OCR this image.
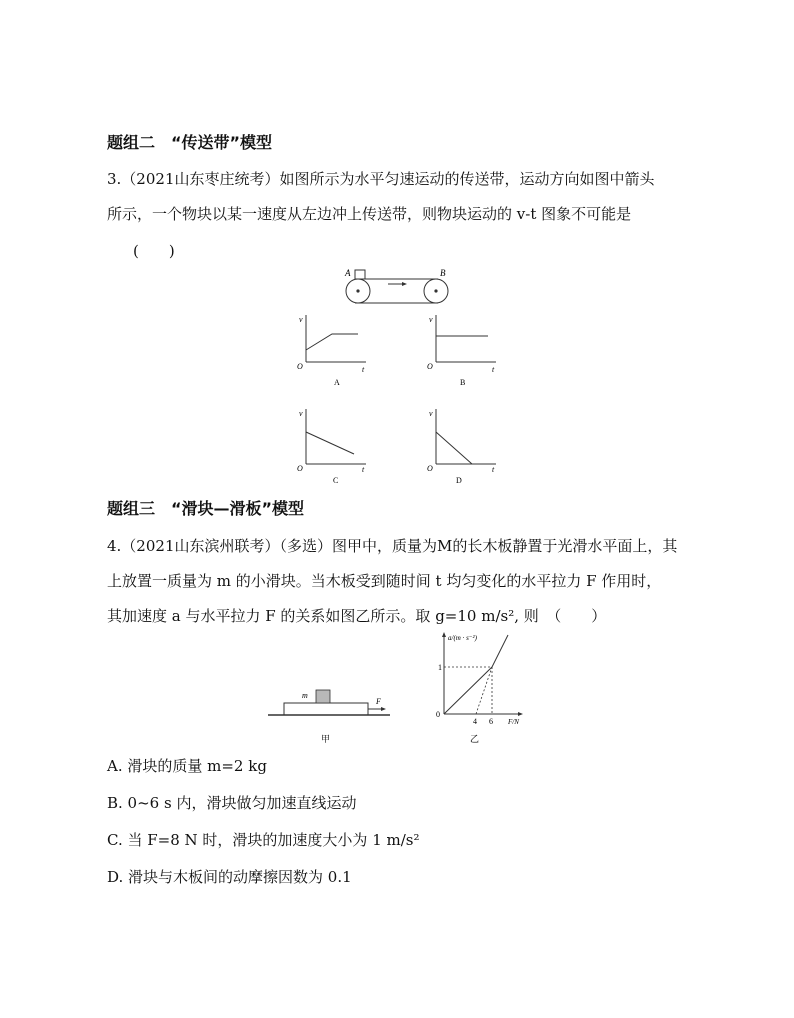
题组二　“传送带”模型
3.（2021山东枣庄统考）如图所示为水平匀速运动的传送带，运动方向如图中箭头
所示，一个物块以某一速度从左边冲上传送带，则物块运动的 v-t 图象不可能是
(　　)
A	B
v
t
O
A
v
t
O
B
v
t
O
C
v
t
O
D
题组三　“滑块—滑板”模型
4.（2021山东滨州联考）（多选）图甲中，质量为M的长木板静置于光滑水平面上，其
上放置一质量为 m 的小滑块。当木板受到随时间 t 均匀变化的水平拉力 F 作用时，
其加速度 a 与水平拉力 F 的关系如图乙所示。取 g=10 m/s², 则　（　　）
m
F
甲
a/(m · s⁻²)
1
0
4 6 F/N
乙
A. 滑块的质量 m=2 kg
B. 0~6 s 内，滑块做匀加速直线运动
C. 当 F=8 N 时，滑块的加速度大小为 1 m/s²
D. 滑块与木板间的动摩擦因数为 0.1
